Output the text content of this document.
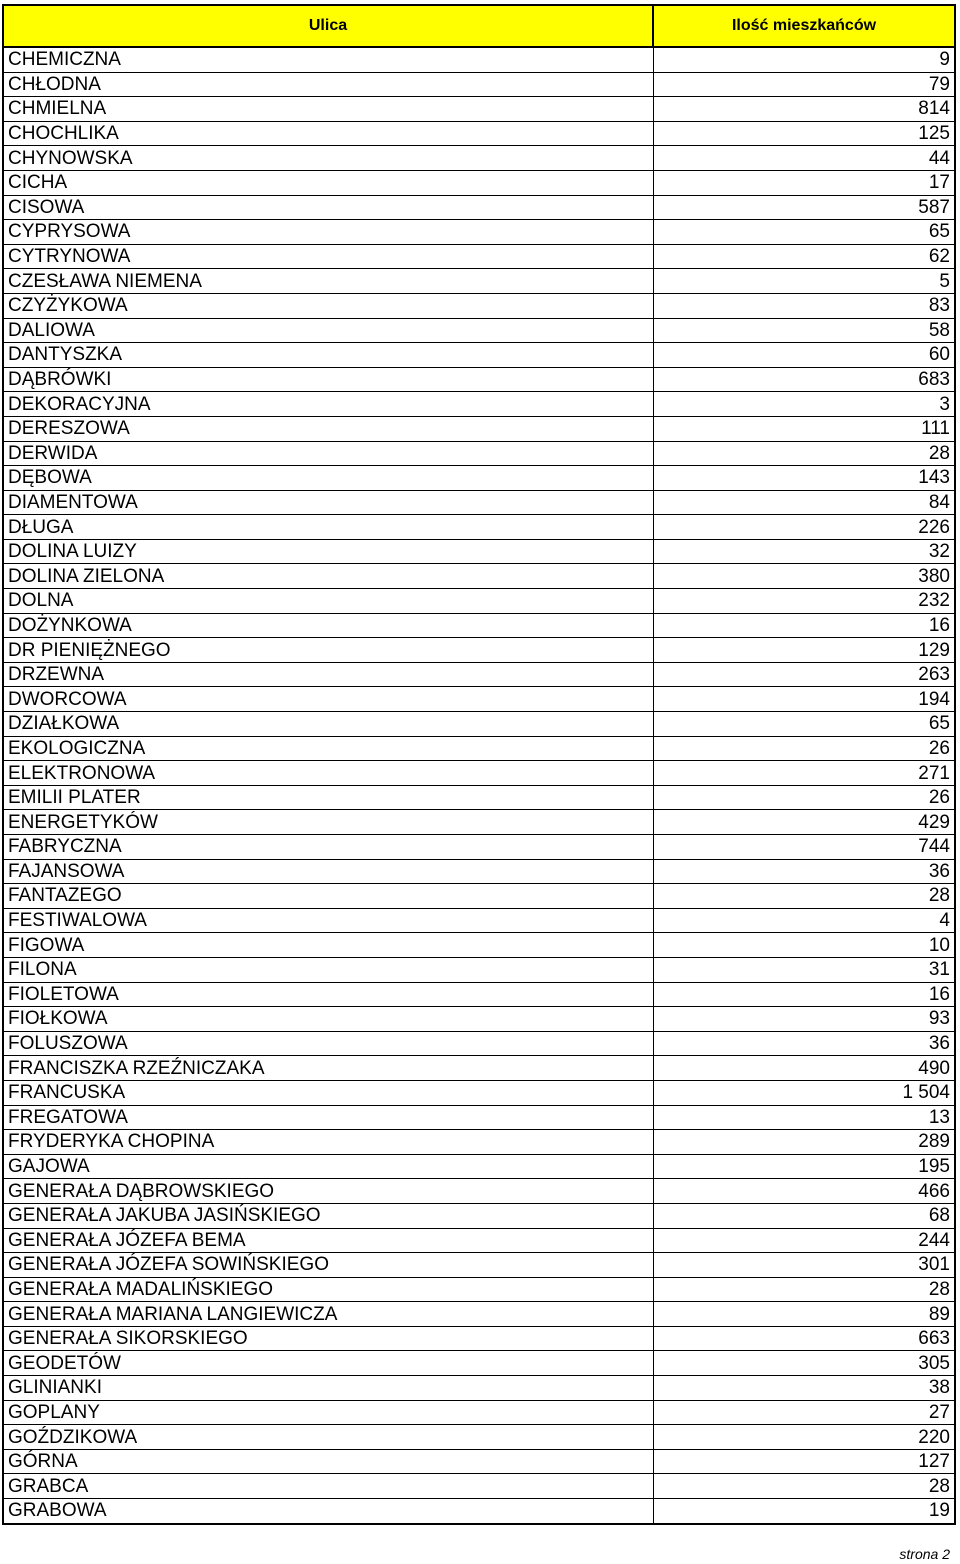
Ulica	Ilość mieszkańców
CHEMICZNA	9
CHŁODNA	79
CHMIELNA	814
CHOCHLIKA	125
CHYNOWSKA	44
CICHA	17
CISOWA	587
CYPRYSOWA	65
CYTRYNOWA	62
CZESŁAWA NIEMENA	5
CZYŻYKOWA	83
DALIOWA	58
DANTYSZKA	60
DĄBRÓWKI	683
DEKORACYJNA	3
DERESZOWA	111
DERWIDA	28
DĘBOWA	143
DIAMENTOWA	84
DŁUGA	226
DOLINA LUIZY	32
DOLINA ZIELONA	380
DOLNA	232
DOŻYNKOWA	16
DR PIENIĘŻNEGO	129
DRZEWNA	263
DWORCOWA	194
DZIAŁKOWA	65
EKOLOGICZNA	26
ELEKTRONOWA	271
EMILII PLATER	26
ENERGETYKÓW	429
FABRYCZNA	744
FAJANSOWA	36
FANTAZEGO	28
FESTIWALOWA	4
FIGOWA	10
FILONA	31
FIOLETOWA	16
FIOŁKOWA	93
FOLUSZOWA	36
FRANCISZKA RZEŹNICZAKA	490
FRANCUSKA	1 504
FREGATOWA	13
FRYDERYKA CHOPINA	289
GAJOWA	195
GENERAŁA DĄBROWSKIEGO	466
GENERAŁA JAKUBA JASIŃSKIEGO	68
GENERAŁA JÓZEFA BEMA	244
GENERAŁA JÓZEFA SOWIŃSKIEGO	301
GENERAŁA MADALIŃSKIEGO	28
GENERAŁA MARIANA LANGIEWICZA	89
GENERAŁA SIKORSKIEGO	663
GEODETÓW	305
GLINIANKI	38
GOPLANY	27
GOŹDZIKOWA	220
GÓRNA	127
GRABCA	28
GRABOWA	19
strona 2
